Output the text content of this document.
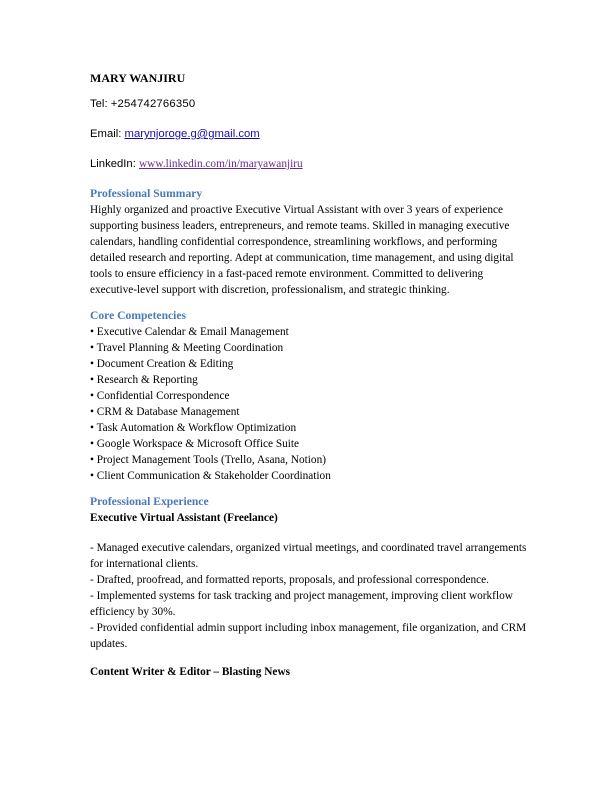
MARY WANJIRU
Tel: +254742766350
Email: marynjoroge.g@gmail.com
LinkedIn: www.linkedin.com/in/maryawanjiru
Professional Summary
Highly organized and proactive Executive Virtual Assistant with over 3 years of experience supporting business leaders, entrepreneurs, and remote teams. Skilled in managing executive calendars, handling confidential correspondence, streamlining workflows, and performing detailed research and reporting. Adept at communication, time management, and using digital tools to ensure efficiency in a fast-paced remote environment. Committed to delivering executive-level support with discretion, professionalism, and strategic thinking.
Core Competencies
• Executive Calendar & Email Management
• Travel Planning & Meeting Coordination
• Document Creation & Editing
• Research & Reporting
• Confidential Correspondence
• CRM & Database Management
• Task Automation & Workflow Optimization
• Google Workspace & Microsoft Office Suite
• Project Management Tools (Trello, Asana, Notion)
• Client Communication & Stakeholder Coordination
Professional Experience
Executive Virtual Assistant (Freelance)
- Managed executive calendars, organized virtual meetings, and coordinated travel arrangements for international clients.
- Drafted, proofread, and formatted reports, proposals, and professional correspondence.
- Implemented systems for task tracking and project management, improving client workflow efficiency by 30%.
- Provided confidential admin support including inbox management, file organization, and CRM updates.
Content Writer & Editor – Blasting News
